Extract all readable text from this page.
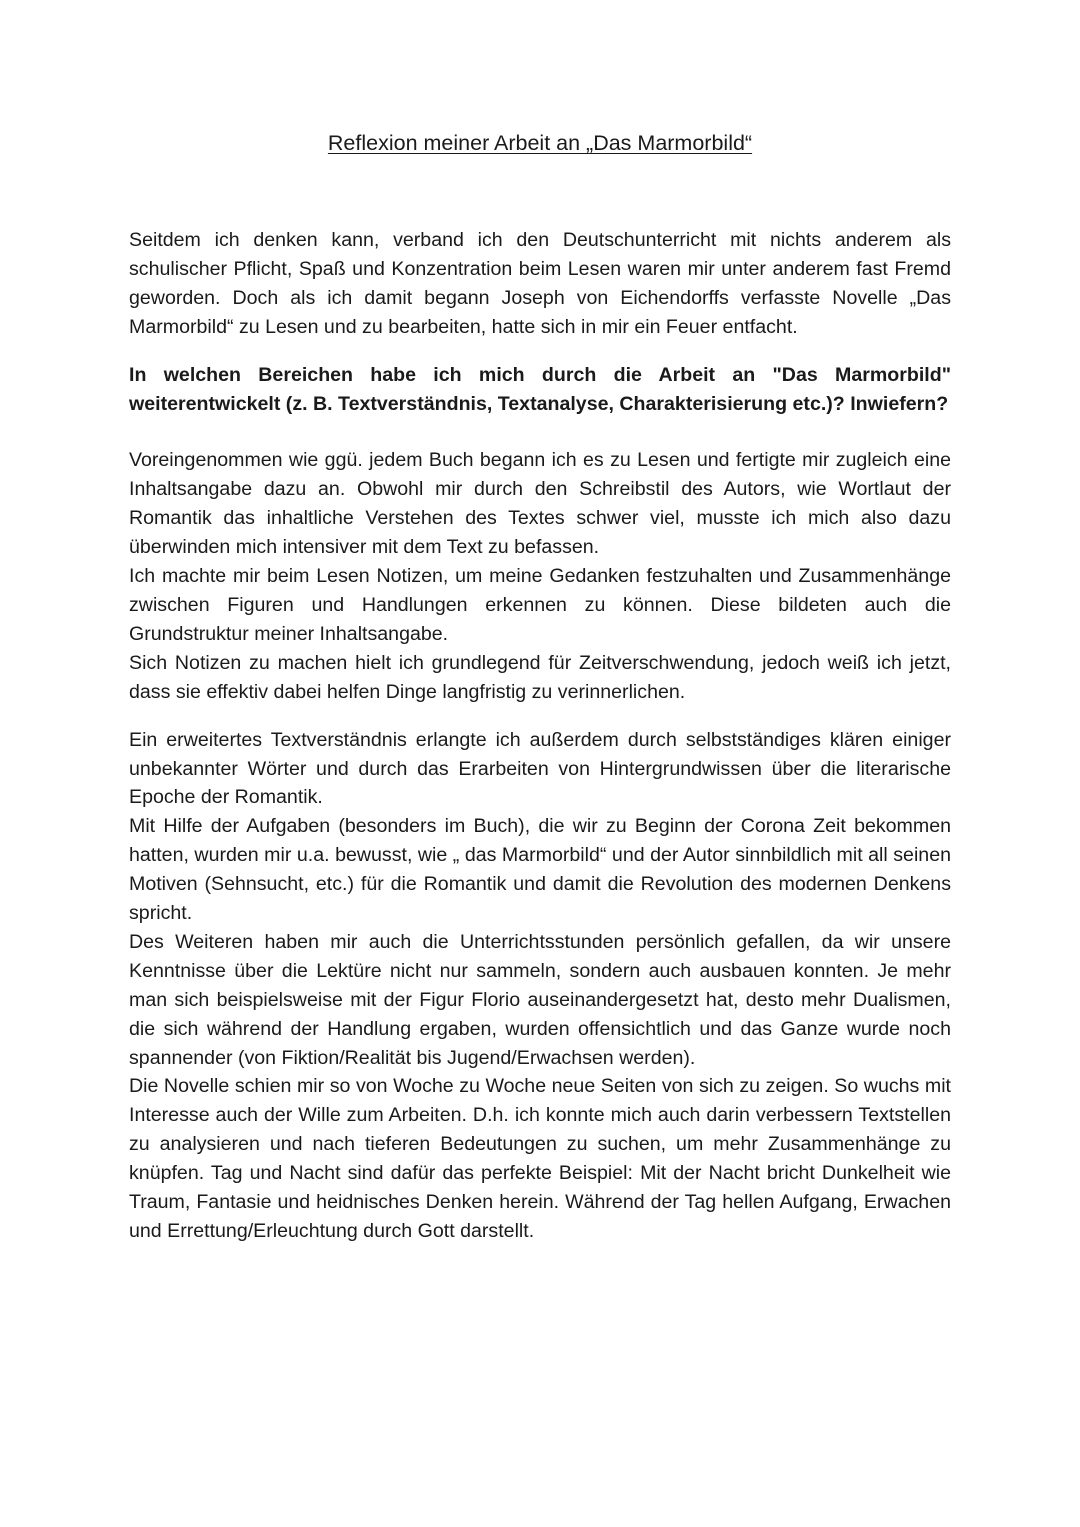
Reflexion meiner Arbeit an „Das Marmorbild“

Seitdem ich denken kann, verband ich den Deutschunterricht mit nichts anderem als schulischer Pflicht, Spaß und Konzentration beim Lesen waren mir unter anderem fast Fremd geworden. Doch als ich damit begann Joseph von Eichendorffs verfasste Novelle „Das Marmorbild“ zu Lesen und zu bearbeiten, hatte sich in mir ein Feuer entfacht.

In welchen Bereichen habe ich mich durch die Arbeit an "Das Marmorbild" weiterentwickelt (z. B. Textverständnis, Textanalyse, Charakterisierung etc.)? Inwiefern?

Voreingenommen wie ggü. jedem Buch begann ich es zu Lesen und fertigte mir zugleich eine Inhaltsangabe dazu an. Obwohl mir durch den Schreibstil des Autors, wie Wortlaut der Romantik das inhaltliche Verstehen des Textes schwer viel, musste ich mich also dazu überwinden mich intensiver mit dem Text zu befassen.

Ich machte mir beim Lesen Notizen, um meine Gedanken festzuhalten und Zusammenhänge zwischen Figuren und Handlungen erkennen zu können. Diese bildeten auch die Grundstruktur meiner Inhaltsangabe.

Sich Notizen zu machen hielt ich grundlegend für Zeitverschwendung, jedoch weiß ich jetzt, dass sie effektiv dabei helfen Dinge langfristig zu verinnerlichen.

Ein erweitertes Textverständnis erlangte ich außerdem durch selbstständiges klären einiger unbekannter Wörter und durch das Erarbeiten von Hintergrundwissen über die literarische Epoche der Romantik.

Mit Hilfe der Aufgaben (besonders im Buch), die wir zu Beginn der Corona Zeit bekommen hatten, wurden mir u.a. bewusst, wie „ das Marmorbild“ und der Autor sinnbildlich mit all seinen Motiven (Sehnsucht, etc.) für die Romantik und damit die Revolution des modernen Denkens spricht.

Des Weiteren haben mir auch die Unterrichtsstunden persönlich gefallen, da wir unsere Kenntnisse über die Lektüre nicht nur sammeln, sondern auch ausbauen konnten. Je mehr man sich beispielsweise mit der Figur Florio auseinandergesetzt hat, desto mehr Dualismen, die sich während der Handlung ergaben, wurden offensichtlich und das Ganze wurde noch spannender (von Fiktion/Realität bis Jugend/Erwachsen werden).

Die Novelle schien mir so von Woche zu Woche neue Seiten von sich zu zeigen. So wuchs mit Interesse auch der Wille zum Arbeiten. D.h. ich konnte mich auch darin verbessern Textstellen zu analysieren und nach tieferen Bedeutungen zu suchen, um mehr Zusammenhänge zu knüpfen. Tag und Nacht sind dafür das perfekte Beispiel: Mit der Nacht bricht Dunkelheit wie Traum, Fantasie und heidnisches Denken herein. Während der Tag hellen Aufgang, Erwachen und Errettung/Erleuchtung durch Gott darstellt.
